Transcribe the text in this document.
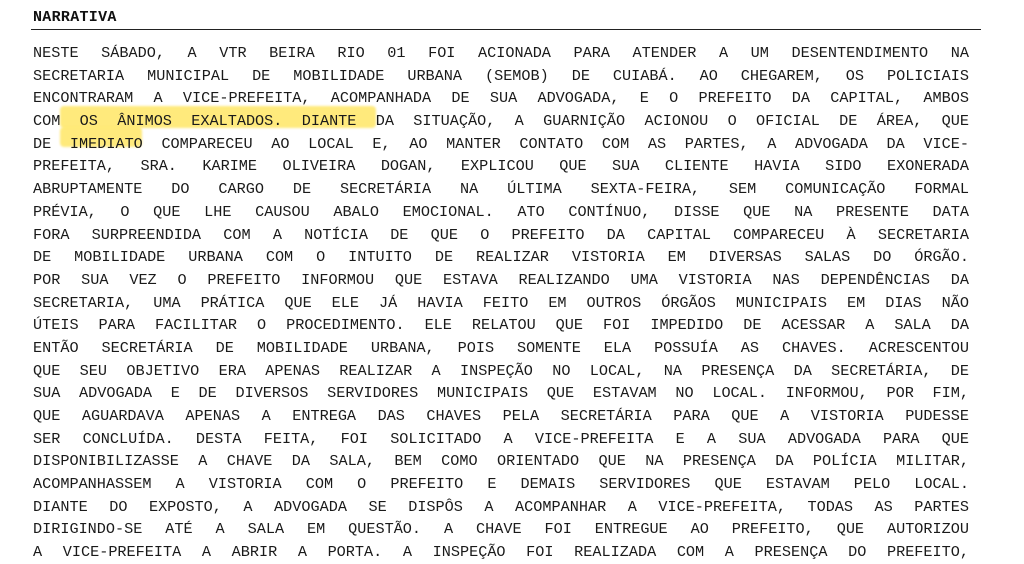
NARRATIVA
NESTE SÁBADO, A VTR BEIRA RIO 01 FOI ACIONADA PARA ATENDER A UM DESENTENDIMENTO NA
SECRETARIA MUNICIPAL DE MOBILIDADE URBANA (SEMOB) DE CUIABÁ. AO CHEGAREM, OS POLICIAIS
ENCONTRARAM A VICE-PREFEITA, ACOMPANHADA DE SUA ADVOGADA, E O PREFEITO DA CAPITAL, AMBOS
COM OS ÂNIMOS EXALTADOS. DIANTE DA SITUAÇÃO, A GUARNIÇÃO ACIONOU O OFICIAL DE ÁREA, QUE
DE IMEDIATO COMPARECEU AO LOCAL E, AO MANTER CONTATO COM AS PARTES, A ADVOGADA DA VICE-
PREFEITA, SRA. KARIME OLIVEIRA DOGAN, EXPLICOU QUE SUA CLIENTE HAVIA SIDO EXONERADA
ABRUPTAMENTE DO CARGO DE SECRETÁRIA NA ÚLTIMA SEXTA-FEIRA, SEM COMUNICAÇÃO FORMAL
PRÉVIA, O QUE LHE CAUSOU ABALO EMOCIONAL. ATO CONTÍNUO, DISSE QUE NA PRESENTE DATA
FORA SURPREENDIDA COM A NOTÍCIA DE QUE O PREFEITO DA CAPITAL COMPARECEU À SECRETARIA
DE MOBILIDADE URBANA COM O INTUITO DE REALIZAR VISTORIA EM DIVERSAS SALAS DO ÓRGÃO.
POR SUA VEZ O PREFEITO INFORMOU QUE ESTAVA REALIZANDO UMA VISTORIA NAS DEPENDÊNCIAS DA
SECRETARIA, UMA PRÁTICA QUE ELE JÁ HAVIA FEITO EM OUTROS ÓRGÃOS MUNICIPAIS EM DIAS NÃO
ÚTEIS PARA FACILITAR O PROCEDIMENTO. ELE RELATOU QUE FOI IMPEDIDO DE ACESSAR A SALA DA
ENTÃO SECRETÁRIA DE MOBILIDADE URBANA, POIS SOMENTE ELA POSSUÍA AS CHAVES. ACRESCENTOU
QUE SEU OBJETIVO ERA APENAS REALIZAR A INSPEÇÃO NO LOCAL, NA PRESENÇA DA SECRETÁRIA, DE
SUA ADVOGADA E DE DIVERSOS SERVIDORES MUNICIPAIS QUE ESTAVAM NO LOCAL. INFORMOU, POR FIM,
QUE AGUARDAVA APENAS A ENTREGA DAS CHAVES PELA SECRETÁRIA PARA QUE A VISTORIA PUDESSE
SER CONCLUÍDA. DESTA FEITA, FOI SOLICITADO A VICE-PREFEITA E A SUA ADVOGADA PARA QUE
DISPONIBILIZASSE A CHAVE DA SALA, BEM COMO ORIENTADO QUE NA PRESENÇA DA POLÍCIA MILITAR,
ACOMPANHASSEM A VISTORIA COM O PREFEITO E DEMAIS SERVIDORES QUE ESTAVAM PELO LOCAL.
DIANTE DO EXPOSTO, A ADVOGADA SE DISPÔS A ACOMPANHAR A VICE-PREFEITA, TODAS AS PARTES
DIRIGINDO-SE ATÉ A SALA EM QUESTÃO. A CHAVE FOI ENTREGUE AO PREFEITO, QUE AUTORIZOU
A VICE-PREFEITA A ABRIR A PORTA. A INSPEÇÃO FOI REALIZADA COM A PRESENÇA DO PREFEITO,
